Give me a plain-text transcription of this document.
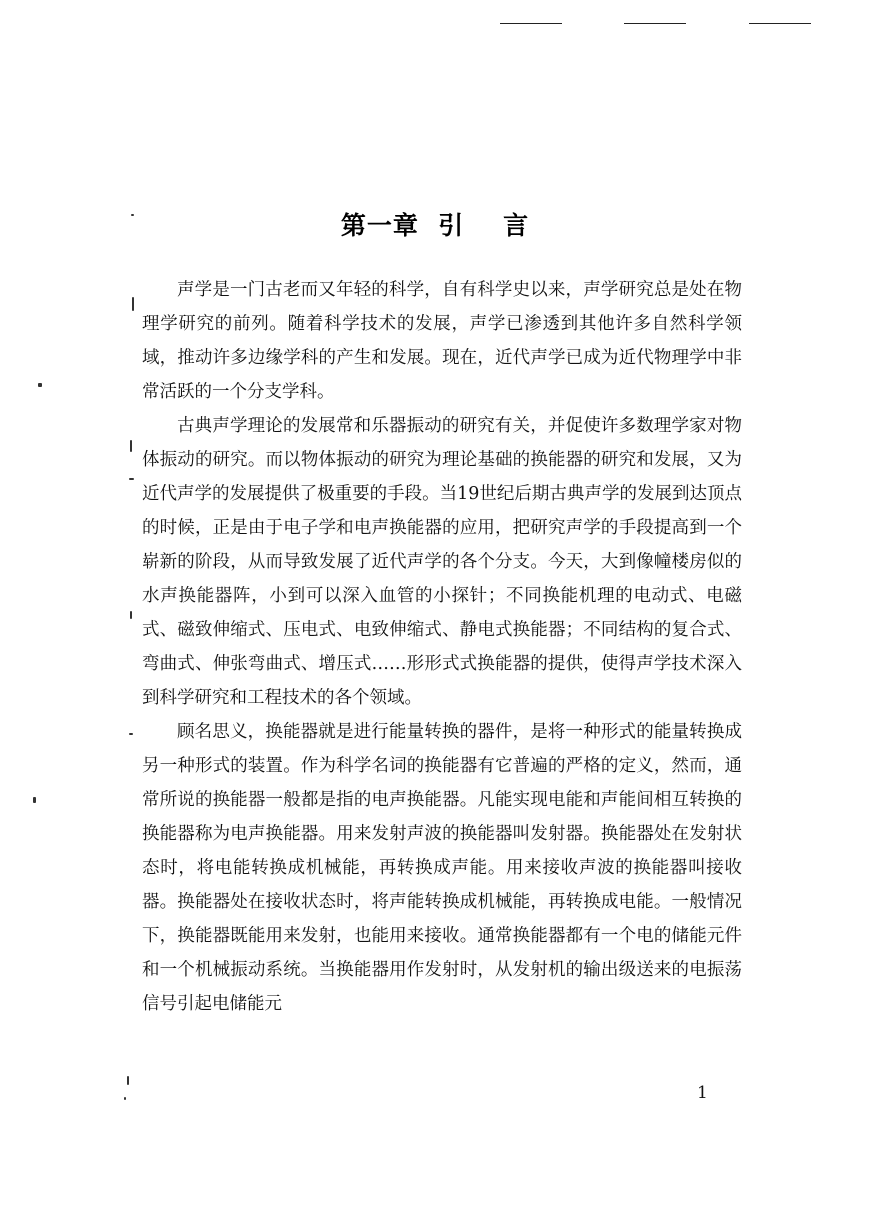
第一章  引    言

声学是一门古老而又年轻的科学，自有科学史以来，声学研究总是处在物理学研究的前列。随着科学技术的发展，声学已渗透到其他许多自然科学领域，推动许多边缘学科的产生和发展。现在，近代声学已成为近代物理学中非常活跃的一个分支学科。

古典声学理论的发展常和乐器振动的研究有关，并促使许多数理学家对物体振动的研究。而以物体振动的研究为理论基础的换能器的研究和发展，又为近代声学的发展提供了极重要的手段。当19世纪后期古典声学的发展到达顶点的时候，正是由于电子学和电声换能器的应用，把研究声学的手段提高到一个崭新的阶段，从而导致发展了近代声学的各个分支。今天，大到像幢楼房似的水声换能器阵，小到可以深入血管的小探针；不同换能机理的电动式、电磁式、磁致伸缩式、压电式、电致伸缩式、静电式换能器；不同结构的复合式、弯曲式、伸张弯曲式、增压式……形形式式换能器的提供，使得声学技术深入到科学研究和工程技术的各个领域。

顾名思义，换能器就是进行能量转换的器件，是将一种形式的能量转换成另一种形式的装置。作为科学名词的换能器有它普遍的严格的定义，然而，通常所说的换能器一般都是指的电声换能器。凡能实现电能和声能间相互转换的换能器称为电声换能器。用来发射声波的换能器叫发射器。换能器处在发射状态时，将电能转换成机械能，再转换成声能。用来接收声波的换能器叫接收器。换能器处在接收状态时，将声能转换成机械能，再转换成电能。一般情况下，换能器既能用来发射，也能用来接收。通常换能器都有一个电的储能元件和一个机械振动系统。当换能器用作发射时，从发射机的输出级送来的电振荡信号引起电储能元

1
